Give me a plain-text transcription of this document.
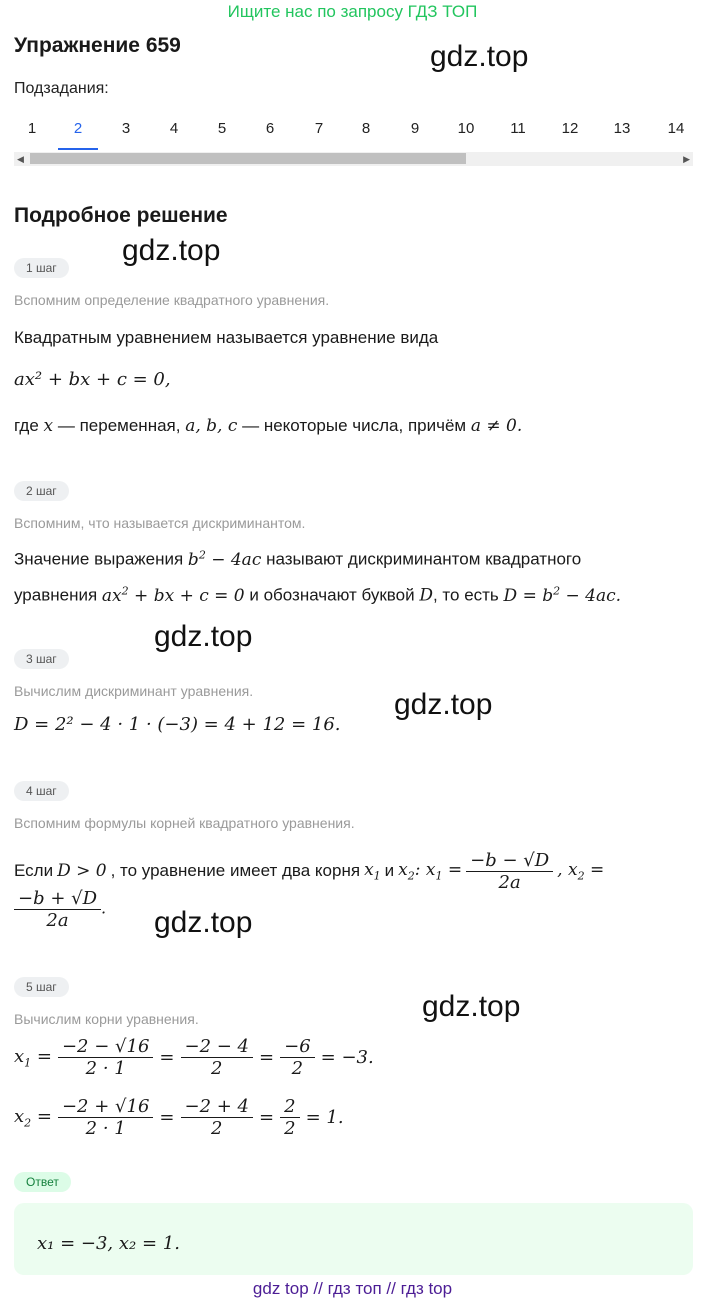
Ищите нас по запросу ГДЗ ТОП
Упражнение 659	gdz.top
Подзадания:
1	2	3	4	5	6	7	8	9	10	11	12	13	14
◀	▶
Подробное решение
gdz.top
1 шаг
Вспомним определение квадратного уравнения.
Квадратным уравнением называется уравнение вида
ax² + bx + c = 0,
где x — переменная, a, b, c — некоторые числа, причём a ≠ 0.
2 шаг
Вспомним, что называется дискриминантом.
Значение выражения $b^2 - 4ac$ называют дискриминантом квадратного
уравнения $ax^2$ + bx + c = 0 и обозначают буквой D, то есть $D = b^2 - 4ac$.
gdz.top
3 шаг
Вычислим дискриминант уравнения.	gdz.top
D = 2² − 4 · 1 · (−3) = 4 + 12 = 16.
4 шаг
Вспомним формулы корней квадратного уравнения.
Если D > 0 , то уравнение имеет два корня $x_1$ и $x_2$: $x_1 = \frac{-b - √D}{2a}$ , $x_2$ =
$\frac{-b + √D}{2a}$ . gdz.top
5 шаг
gdz.top
Вычислим корни уравнения.
$x_1 = \frac{-2 - √16}{2 \cdot 1} = \frac{-2 - 4}{2} = \frac{-6}{2} = -3$.
$x_2 = \frac{-2 + √16}{2 \cdot 1} = \frac{-2 + 4}{2} = \frac{2}{2} = 1$.
Ответ
x₁ = −3, x₂ = 1.
gdz top // гдз топ // гдз top
